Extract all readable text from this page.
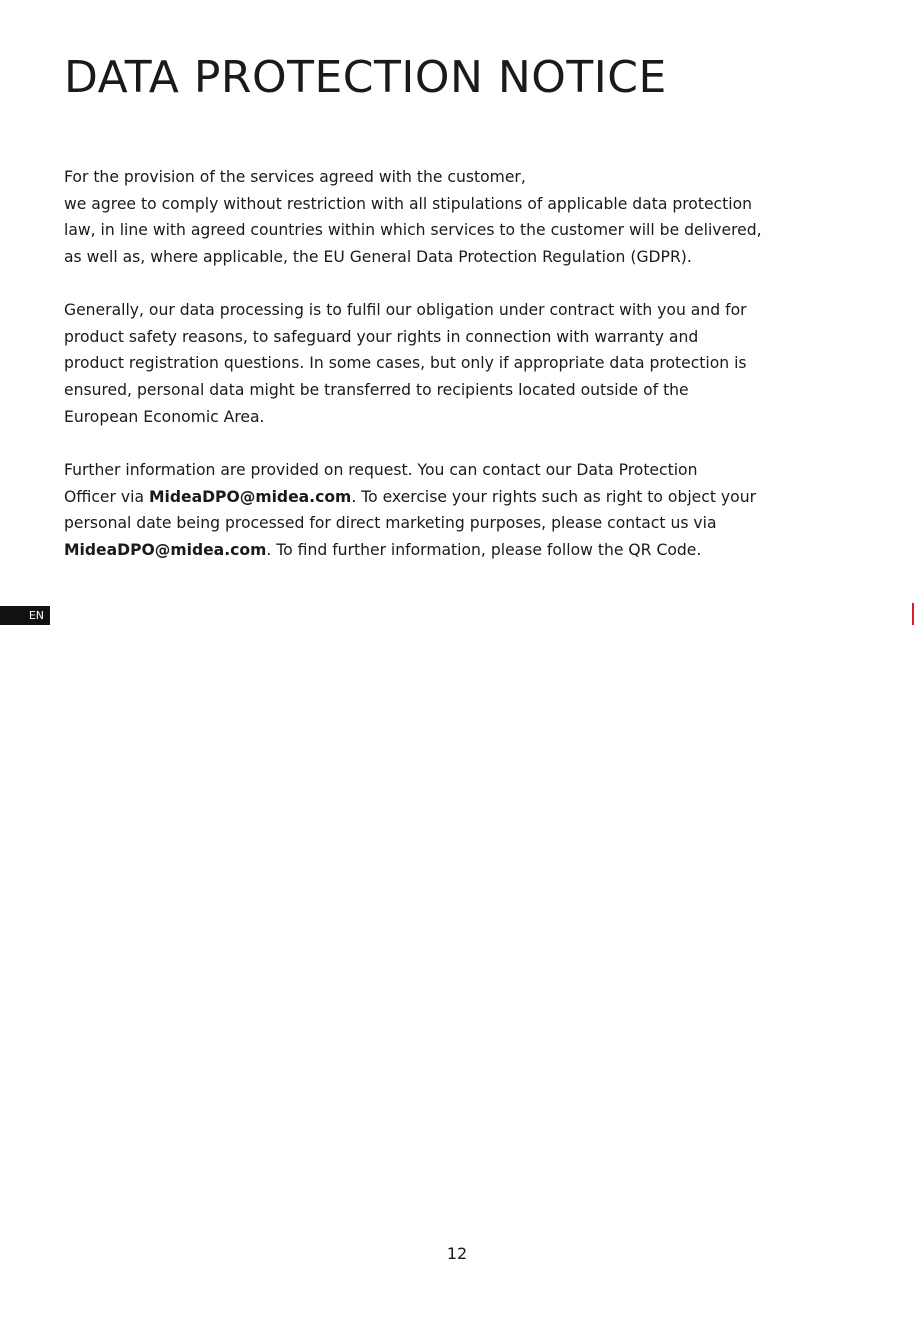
DATA PROTECTION NOTICE
For the provision of the services agreed with the customer,
we agree to comply without restriction with all stipulations of applicable data protection
law, in line with agreed countries within which services to the customer will be delivered,
as well as, where applicable, the EU General Data Protection Regulation (GDPR).
Generally, our data processing is to fulfil our obligation under contract with you and for
product safety reasons, to safeguard your rights in connection with warranty and
product registration questions. In some cases, but only if appropriate data protection is
ensured, personal data might be transferred to recipients located outside of the
European Economic Area.
Further information are provided on request. You can contact our Data Protection
Officer via MideaDPO@midea.com. To exercise your rights such as right to object your
personal date being processed for direct marketing purposes, please contact us via
MideaDPO@midea.com. To find further information, please follow the QR Code.
EN
12
